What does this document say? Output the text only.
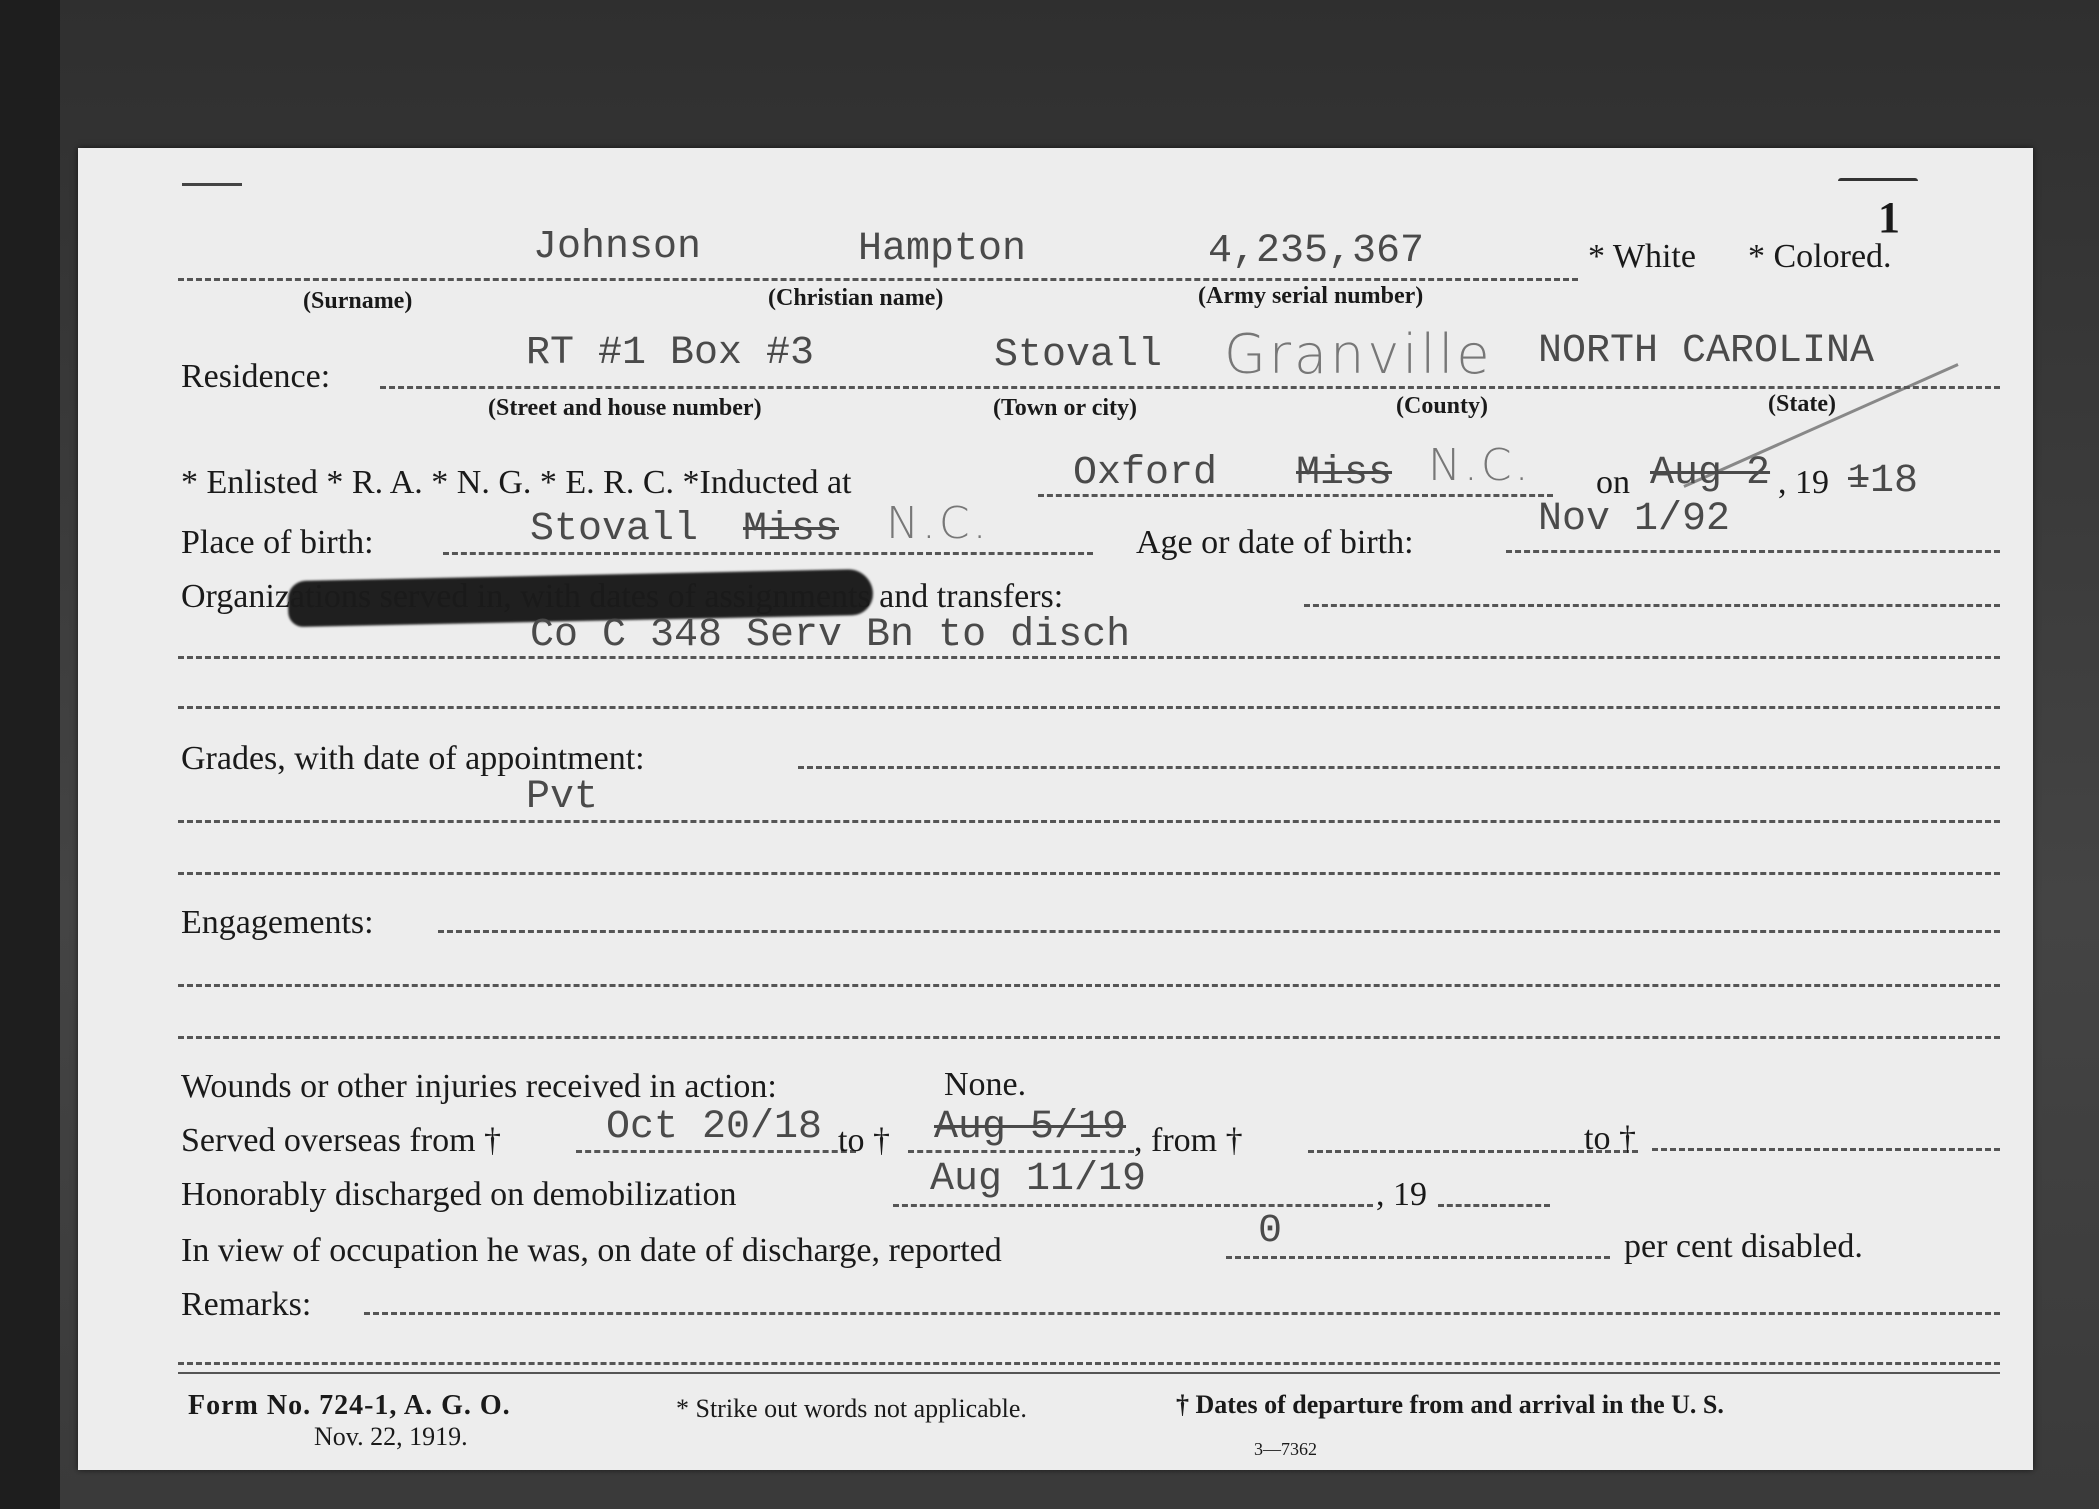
1
Johnson	Hampton	4,235,367	* White * Colored.
(Surname)	(Christian name)	(Army serial number)
Residence:
RT #1 Box #3	Stovall Granville NORTH CAROLINA
(Street and house number)	(Town or city)	(County)	(State)
* Enlisted * R. A. * N. G. * E. R. C. *Inducted at	Oxford Miss N.C. on Aug 2 , 19 1 18
Place of birth:	Stovall Miss N.C.	Age or date of birth:
Nov 1/92
Organizations served in, with dates of assignments and transfers:
Co C 348 Serv Bn to disch
Grades, with date of appointment:
Pvt
Engagements:
Wounds or other injuries received in action:	None.
Served overseas from †	Oct 20/18 to † Aug 5/19 , from †	to †
Honorably discharged on demobilization	Aug 11/19	, 19
In view of occupation he was, on date of discharge, reported	0	per cent disabled.
Remarks:
Form No. 724-1, A. G. O.
Nov. 22, 1919.
* Strike out words not applicable.	† Dates of departure from and arrival in the U. S.
3—7362
